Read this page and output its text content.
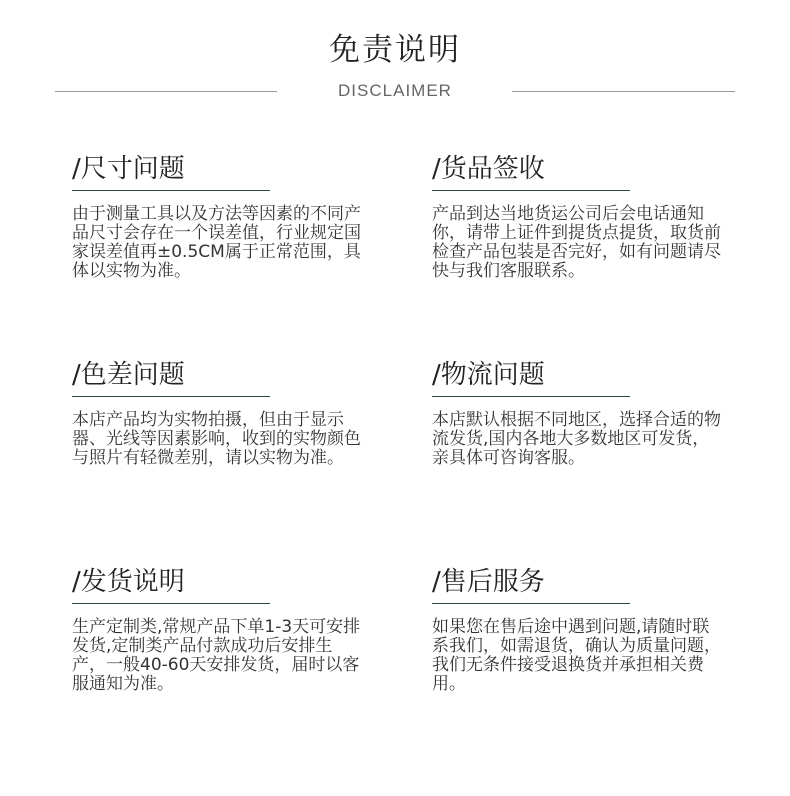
免责说明
DISCLAIMER
/尺寸问题
由于测量工具以及方法等因素的不同产品尺寸会存在一个误差值，行业规定国家误差值再±0.5CM属于正常范围，具体以实物为准。
/货品签收
产品到达当地货运公司后会电话通知你，请带上证件到提货点提货，取货前检查产品包装是否完好，如有问题请尽快与我们客服联系。
/色差问题
本店产品均为实物拍摄，但由于显示器、光线等因素影响，收到的实物颜色与照片有轻微差别，请以实物为准。
/物流问题
本店默认根据不同地区，选择合适的物流发货,国内各地大多数地区可发货，亲具体可咨询客服。
/发货说明
生产定制类,常规产品下单1-3天可安排发货,定制类产品付款成功后安排生产，一般40-60天安排发货，届时以客服通知为准。
/售后服务
如果您在售后途中遇到问题,请随时联系我们，如需退货，确认为质量问题，我们无条件接受退换货并承担相关费用。
